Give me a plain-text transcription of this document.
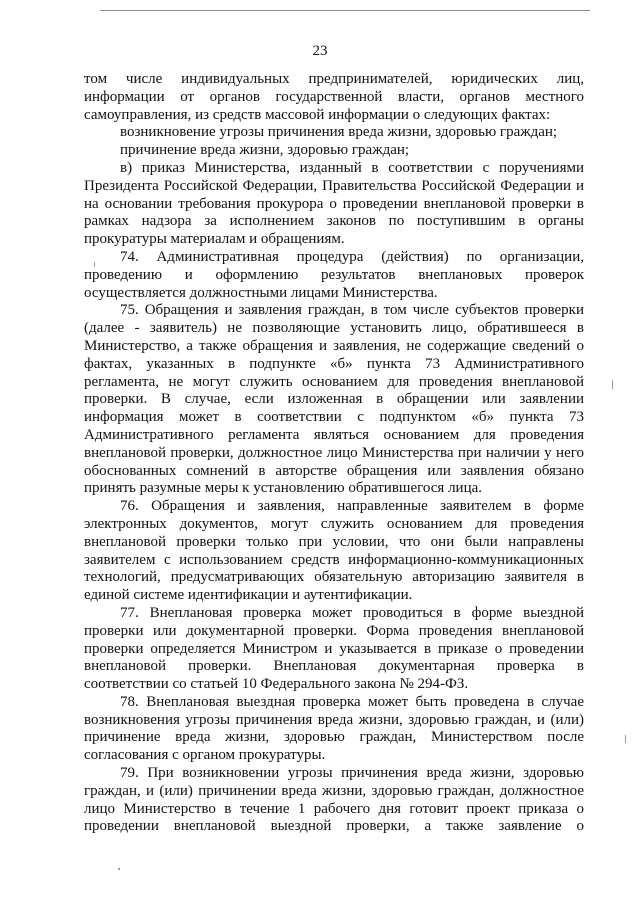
23

том числе индивидуальных предпринимателей, юридических лиц,

информации от органов государственной власти, органов местного

самоуправления, из средств массовой информации о следующих фактах:

возникновение угрозы причинения вреда жизни, здоровью граждан;

причинение вреда жизни, здоровью граждан;

в) приказ Министерства, изданный в соответствии с поручениями

Президента Российской Федерации, Правительства Российской Федерации и

на основании требования прокурора о проведении внеплановой проверки в

рамках надзора за исполнением законов по поступившим в органы

прокуратуры материалам и обращениям.

74. Административная процедура (действия) по организации,

проведению и оформлению результатов внеплановых проверок

осуществляется должностными лицами Министерства.

75. Обращения и заявления граждан, в том числе субъектов проверки

(далее - заявитель) не позволяющие установить лицо, обратившееся в

Министерство, а также обращения и заявления, не содержащие сведений о

фактах, указанных в подпункте «б» пункта 73 Административного

регламента, не могут служить основанием для проведения внеплановой

проверки. В случае, если изложенная в обращении или заявлении

информация может в соответствии с подпунктом «б» пункта 73

Административного регламента являться основанием для проведения

внеплановой проверки, должностное лицо Министерства при наличии у него

обоснованных сомнений в авторстве обращения или заявления обязано

принять разумные меры к установлению обратившегося лица.

76. Обращения и заявления, направленные заявителем в форме

электронных документов, могут служить основанием для проведения

внеплановой проверки только при условии, что они были направлены

заявителем с использованием средств информационно-коммуникационных

технологий, предусматривающих обязательную авторизацию заявителя в

единой системе идентификации и аутентификации.

77. Внеплановая проверка может проводиться в форме выездной

проверки или документарной проверки. Форма проведения внеплановой

проверки определяется Министром и указывается в приказе о проведении

внеплановой проверки. Внеплановая документарная проверка в

соответствии со статьей 10 Федерального закона № 294-ФЗ.

78. Внеплановая выездная проверка может быть проведена в случае

возникновения угрозы причинения вреда жизни, здоровью граждан, и (или)

причинение вреда жизни, здоровью граждан, Министерством после

согласования с органом прокуратуры.

79. При возникновении угрозы причинения вреда жизни, здоровью

граждан, и (или) причинении вреда жизни, здоровью граждан, должностное

лицо Министерство в течение 1 рабочего дня готовит проект приказа о

проведении внеплановой выездной проверки, а также заявление о
